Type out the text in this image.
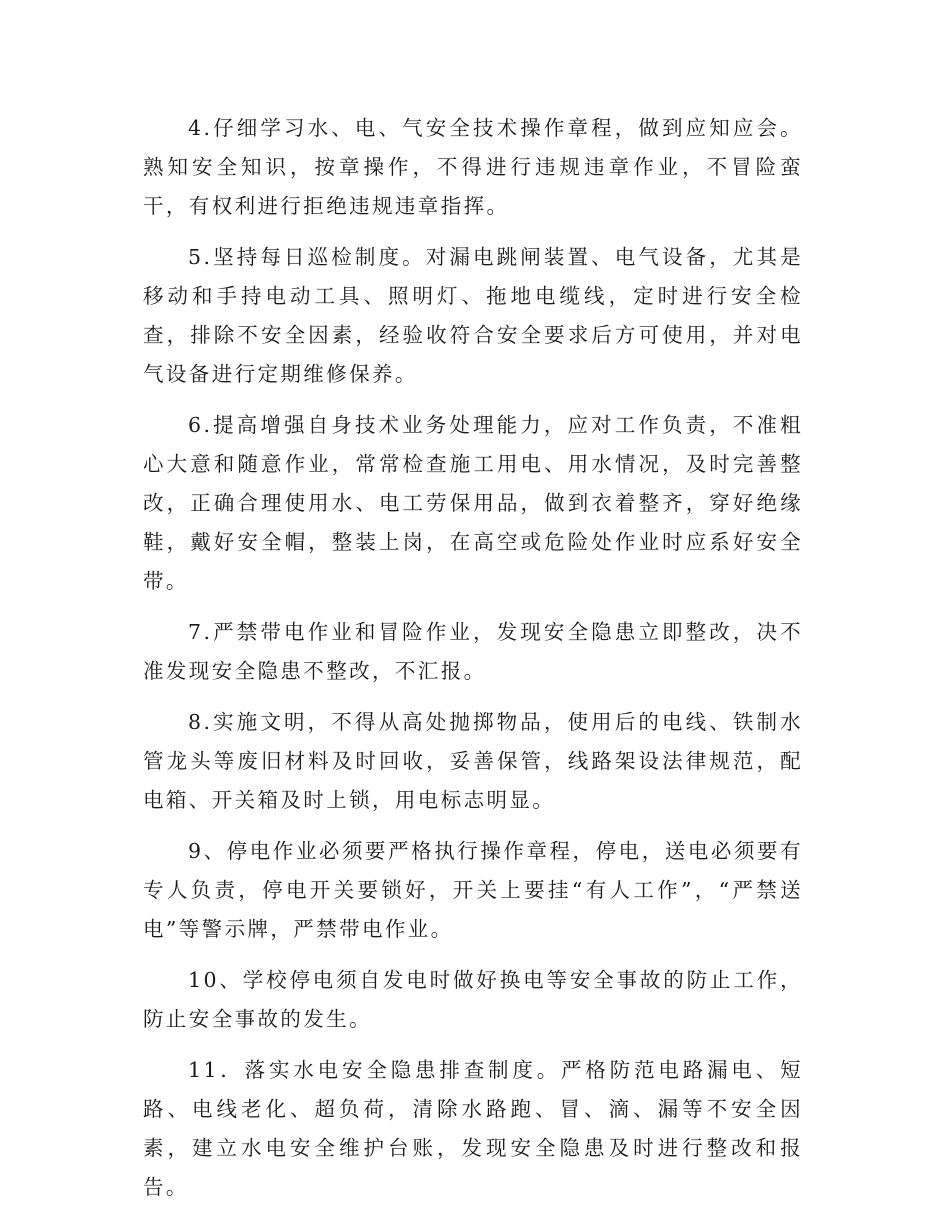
4.仔细学习水、电、气安全技术操作章程，做到应知应会。熟知安全知识，按章操作，不得进行违规违章作业，不冒险蛮干，有权利进行拒绝违规违章指挥。

5.坚持每日巡检制度。对漏电跳闸装置、电气设备，尤其是移动和手持电动工具、照明灯、拖地电缆线，定时进行安全检查，排除不安全因素，经验收符合安全要求后方可使用，并对电气设备进行定期维修保养。

6.提高增强自身技术业务处理能力，应对工作负责，不准粗心大意和随意作业，常常检查施工用电、用水情况，及时完善整改，正确合理使用水、电工劳保用品，做到衣着整齐，穿好绝缘鞋，戴好安全帽，整装上岗，在高空或危险处作业时应系好安全带。

7.严禁带电作业和冒险作业，发现安全隐患立即整改，决不准发现安全隐患不整改，不汇报。

8.实施文明，不得从高处抛掷物品，使用后的电线、铁制水管龙头等废旧材料及时回收，妥善保管，线路架设法律规范，配电箱、开关箱及时上锁，用电标志明显。

9、停电作业必须要严格执行操作章程，停电，送电必须要有专人负责，停电开关要锁好，开关上要挂“有人工作”，“严禁送电”等警示牌，严禁带电作业。

10、学校停电须自发电时做好换电等安全事故的防止工作，防止安全事故的发生。

11．落实水电安全隐患排查制度。严格防范电路漏电、短路、电线老化、超负荷，清除水路跑、冒、滴、漏等不安全因素，建立水电安全维护台账，发现安全隐患及时进行整改和报告。
